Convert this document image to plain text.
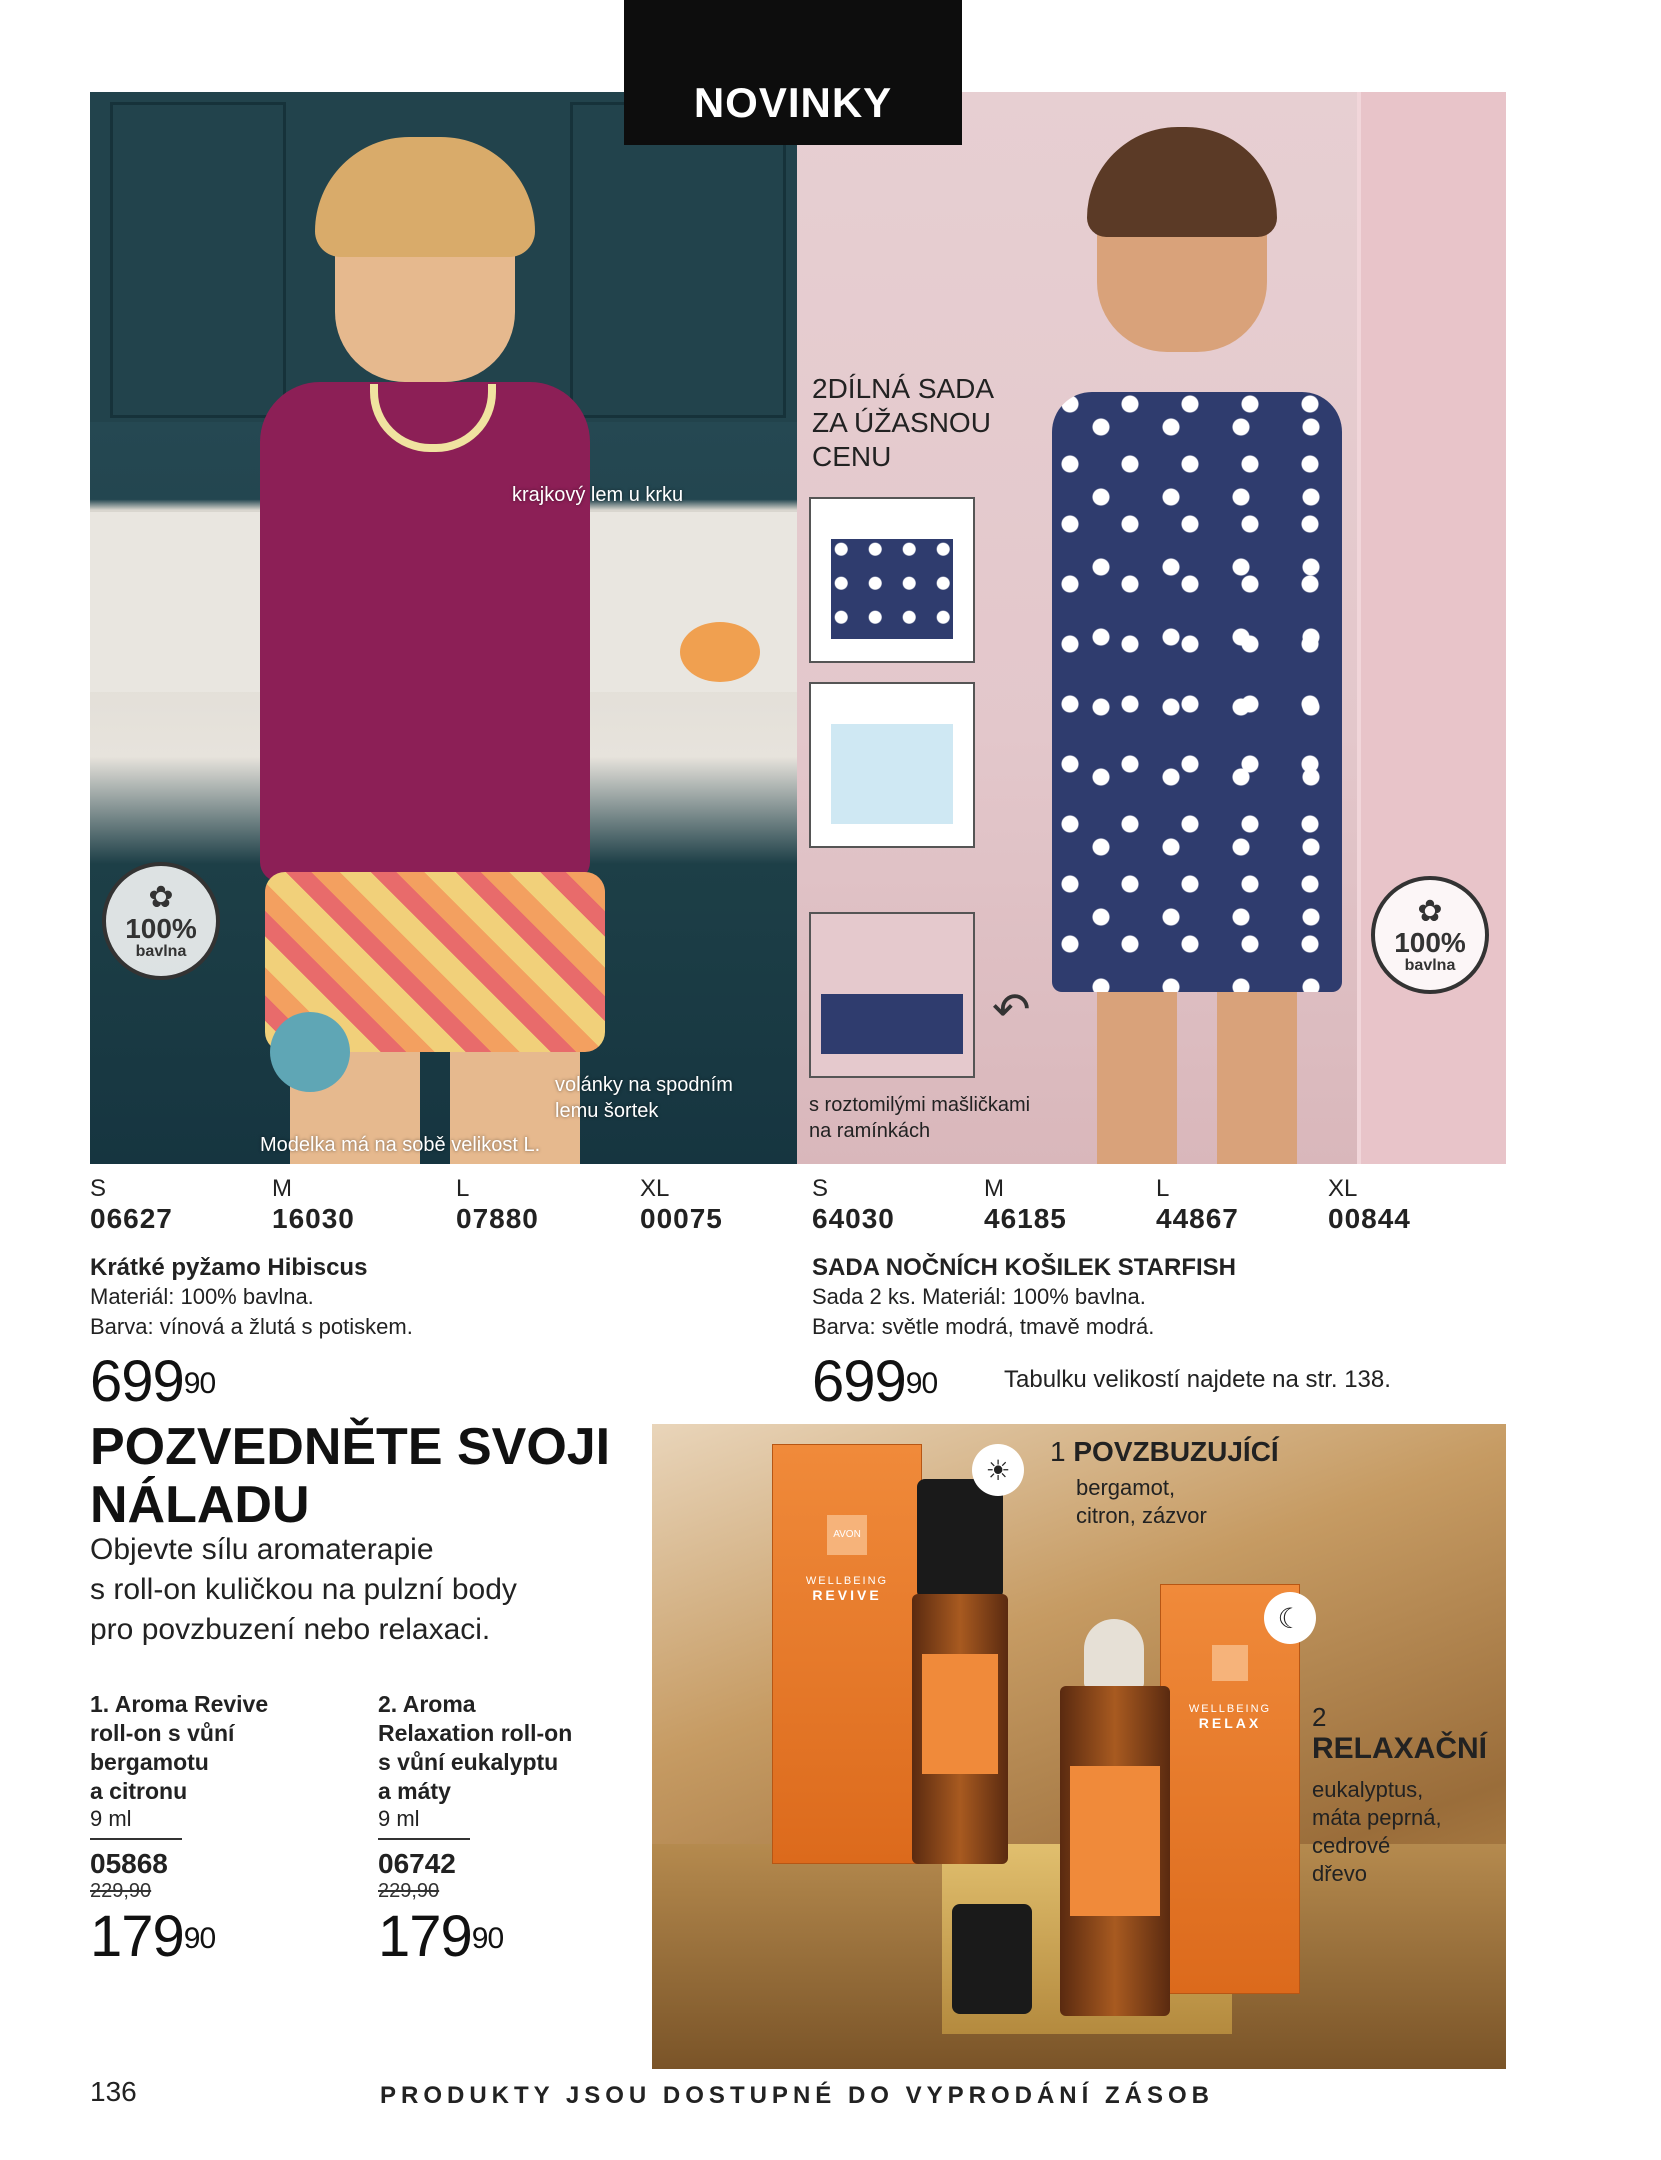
NOVINKY
✿
100%
bavlna
krajkový lem u krku
volánky na spodním
lemu šortek
Modelka má na sobě velikost L.
2DÍLNÁ SADA
ZA ÚŽASNOU
CENU
↶
s roztomilými mašličkami
na ramínkách
✿
100%
bavlna
S
06627
M
16030
L
07880
XL
00075
Krátké pyžamo Hibiscus
Materiál: 100% bavlna.
Barva: vínová a žlutá s potiskem.
$699^{90}$
S
64030
M
46185
L
44867
XL
00844
SADA NOČNÍCH KOŠILEK STARFISH
Sada 2 ks. Materiál: 100% bavlna.
Barva: světle modrá, tmavě modrá.
$699^{90}$	Tabulku velikostí najdete na str. 138.
POZVEDNĚTE SVOJI
NÁLADU
Objevte sílu aromaterapie
s roll-on kuličkou na pulzní body
pro povzbuzení nebo relaxaci.
1. Aroma Revive
roll-on s vůní
bergamotu
a citronu
9 ml
05868
229,90
$179^{90}$
2. Aroma
Relaxation roll-on
s vůní eukalyptu
a máty
9 ml
06742
229,90
$179^{90}$
AVON
WELLBEING
REVIVE
WELLBEING
RELAX
☀
☾
1 POVZBUZUJÍCÍ
bergamot,
citron, zázvor
2
RELAXAČNÍ
eukalyptus,
máta peprná,
cedrové
dřevo
136	PRODUKTY JSOU DOSTUPNÉ DO VYPRODÁNÍ ZÁSOB
